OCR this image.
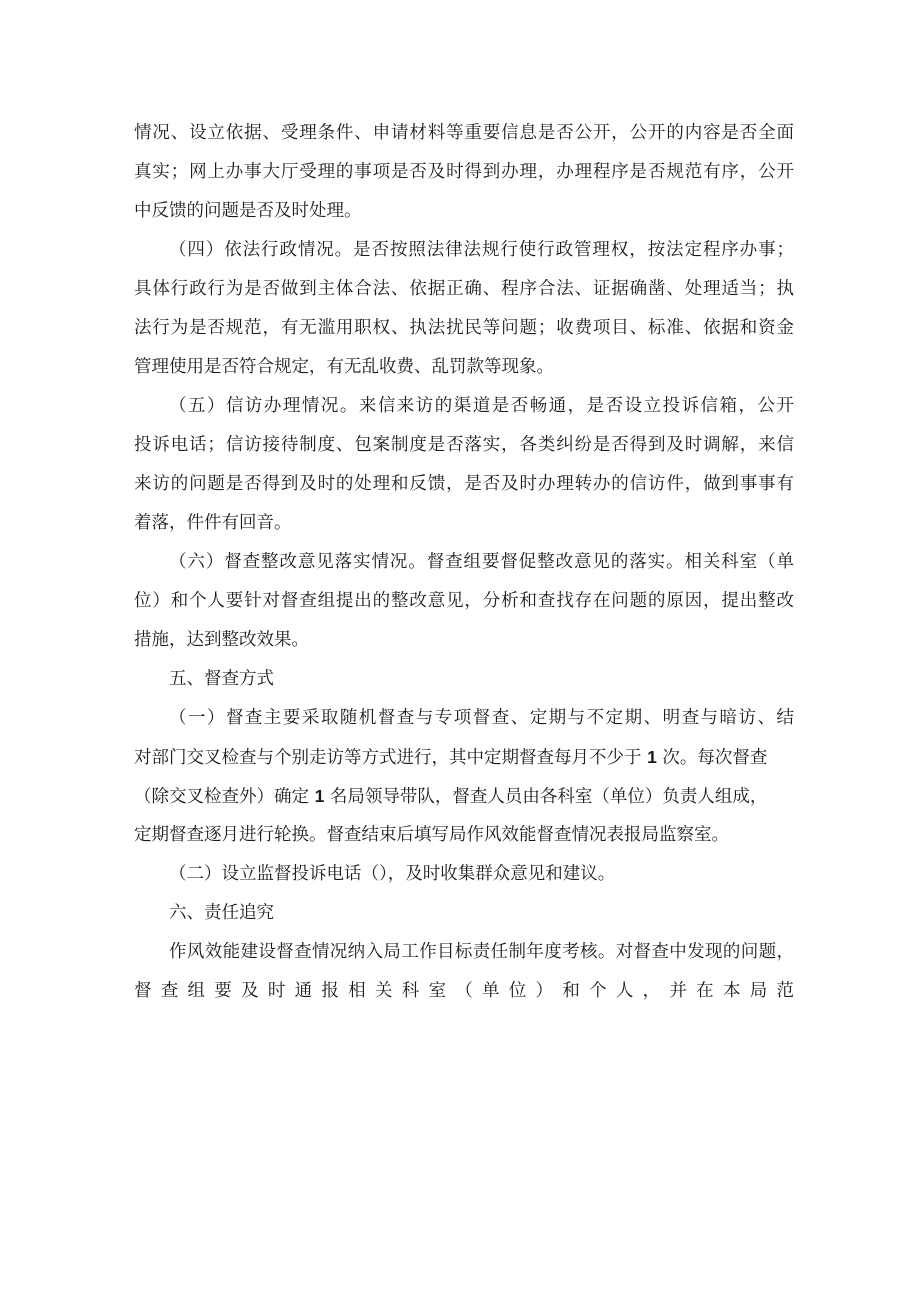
情况、设立依据、受理条件、申请材料等重要信息是否公开，公开的内容是否全面
真实；网上办事大厅受理的事项是否及时得到办理，办理程序是否规范有序，公开
中反馈的问题是否及时处理。
（四）依法行政情况。是否按照法律法规行使行政管理权，按法定程序办事；
具体行政行为是否做到主体合法、依据正确、程序合法、证据确凿、处理适当；执
法行为是否规范，有无滥用职权、执法扰民等问题；收费项目、标准、依据和资金
管理使用是否符合规定，有无乱收费、乱罚款等现象。
（五）信访办理情况。来信来访的渠道是否畅通，是否设立投诉信箱，公开
投诉电话；信访接待制度、包案制度是否落实，各类纠纷是否得到及时调解，来信
来访的问题是否得到及时的处理和反馈，是否及时办理转办的信访件，做到事事有
着落，件件有回音。
（六）督查整改意见落实情况。督查组要督促整改意见的落实。相关科室（单
位）和个人要针对督查组提出的整改意见，分析和查找存在问题的原因，提出整改
措施，达到整改效果。
五、督查方式
（一）督查主要采取随机督查与专项督查、定期与不定期、明查与暗访、结
对部门交叉检查与个别走访等方式进行，其中定期督查每月不少于 1 次。每次督查
（除交叉检查外）确定 1 名局领导带队，督查人员由各科室（单位）负责人组成，
定期督查逐月进行轮换。督查结束后填写局作风效能督查情况表报局监察室。
（二）设立监督投诉电话（），及时收集群众意见和建议。
六、责任追究
作风效能建设督查情况纳入局工作目标责任制年度考核。对督查中发现的问题，
督查组要及时通报相关科室（单位）和个人，并在本局范
